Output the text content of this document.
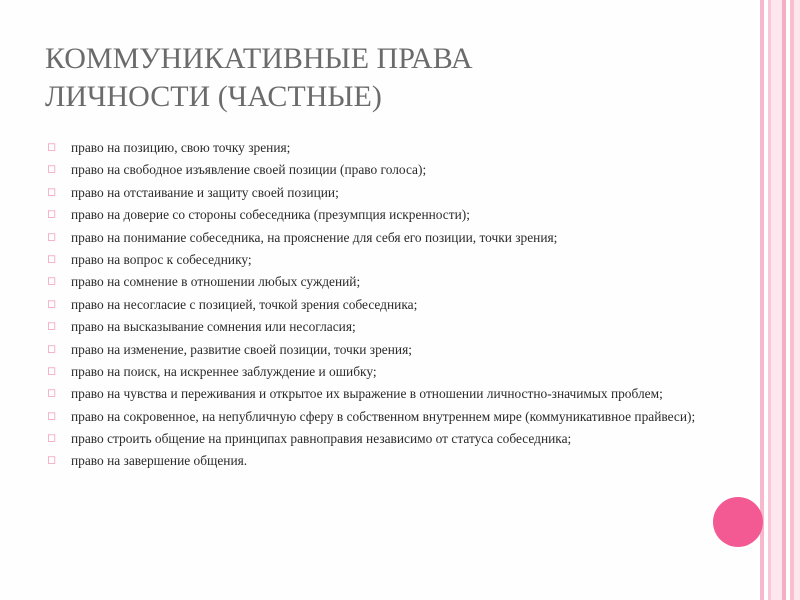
КОММУНИКАТИВНЫЕ ПРАВА
ЛИЧНОСТИ (ЧАСТНЫЕ)
◻ право на позицию, свою точку зрения;
◻ право на свободное изъявление своей позиции (право голоса);
◻ право на отстаивание и защиту своей позиции;
◻ право на доверие со стороны собеседника (презумпция искренности);
◻ право на понимание собеседника, на прояснение для себя его позиции, точки зрения;
◻ право на вопрос к собеседнику;
◻ право на сомнение в отношении любых суждений;
◻ право на несогласие с позицией, точкой зрения собеседника;
◻ право на высказывание сомнения или несогласия;
◻ право на изменение, развитие своей позиции, точки зрения;
◻ право на поиск, на искреннее заблуждение и ошибку;
◻ право на чувства и переживания и открытое их выражение в отношении личностно-значимых проблем;
◻ право на сокровенное, на непубличную сферу в собственном внутреннем мире (коммуникативное прайвеси);
◻ право строить общение на принципах равноправия независимо от статуса собеседника;
◻ право на завершение общения.
